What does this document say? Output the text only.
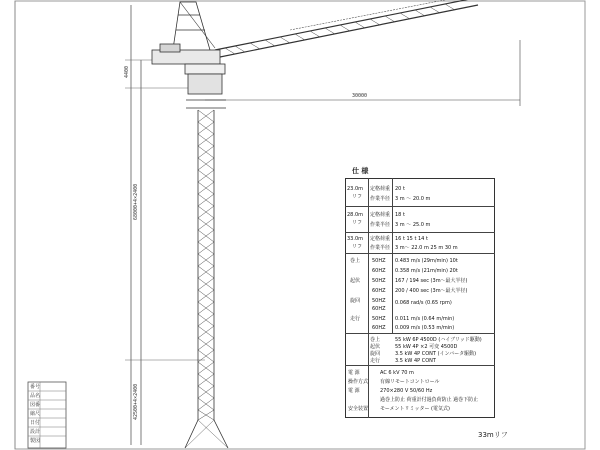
番号
品名
図番
縮尺
日付
設計
製図
4400
68000+4×2400
42500+4×2400
30000
仕 様
23.0m
リフ
定格荷重 20 t
作業半径 3 m ～ 20.0 m
28.0m
リフ
定格荷重 18 t
作業半径 3 m ～ 25.0 m
33.0m
リフ
定格荷重 16 t 15 t 14 t
作業半径 3 m～ 22.0 m 25 m 30 m
巻上 50HZ 0.483 m/s (29m/min) 10t
60HZ 0.358 m/s (21m/min) 20t
起伏 50HZ 167 / 194 sec (3m～最大半径)
60HZ 200 / 400 sec (3m～最大半径)
旋回 50HZ 0.068 rad/s (0.65 rpm)
60HZ
走行 50HZ 0.011 m/s (0.64 m/min)
60HZ 0.009 m/s (0.53 m/min)
巻上	55 kW 6P 4500D (ハイブリッド駆動)
起伏	55 kW 4P ×2 可変 4500D
旋回	3.5 kW 4P CONT (インバータ駆動)
走行	3.5 kW 4P CONT
電 源	AC 6 kV 70 m
操作方式 有線リモートコントロール
電 源	270×280 V 50/60 Hz
過巻上防止 荷重計付過負荷防止 過巻下防止
安全装置 モーメントリミッター (電気式)
33mリフ
